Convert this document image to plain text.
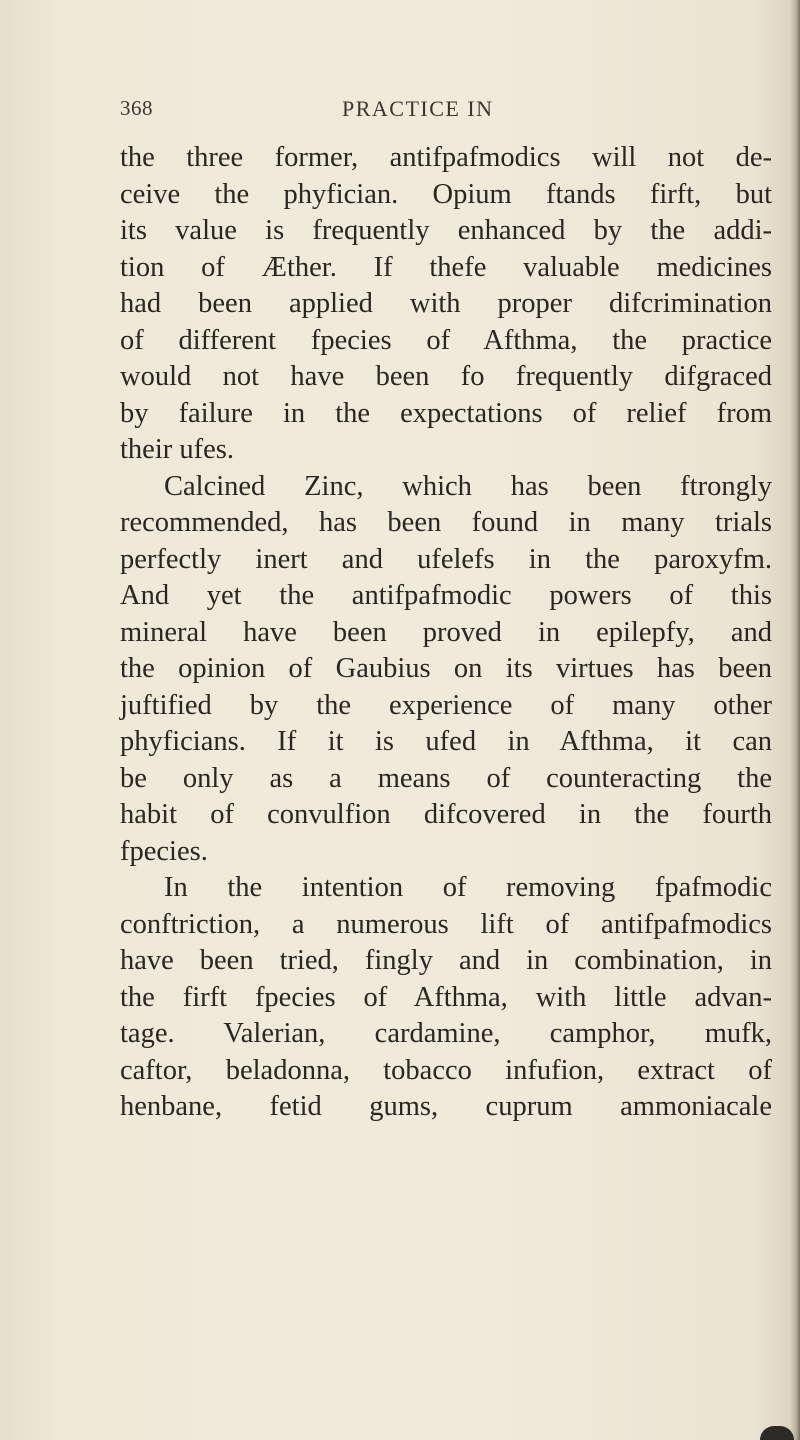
368	PRACTICE IN
the three former, antifpafmodics will not de-
ceive the phyfician. Opium ftands firft, but
its value is frequently enhanced by the addi-
tion of Æther. If thefe valuable medicines
had been applied with proper difcrimination
of different fpecies of Afthma, the practice
would not have been fo frequently difgraced
by failure in the expectations of relief from
their ufes.
Calcined Zinc, which has been ftrongly
recommended, has been found in many trials
perfectly inert and ufelefs in the paroxyfm.
And yet the antifpafmodic powers of this
mineral have been proved in epilepfy, and
the opinion of Gaubius on its virtues has been
juftified by the experience of many other
phyficians. If it is ufed in Afthma, it can
be only as a means of counteracting the
habit of convulfion difcovered in the fourth
fpecies.
In the intention of removing fpafmodic
conftriction, a numerous lift of antifpafmodics
have been tried, fingly and in combination, in
the firft fpecies of Afthma, with little advan-
tage. Valerian, cardamine, camphor, mufk,
caftor, beladonna, tobacco infufion, extract of
henbane, fetid gums, cuprum ammoniacale
